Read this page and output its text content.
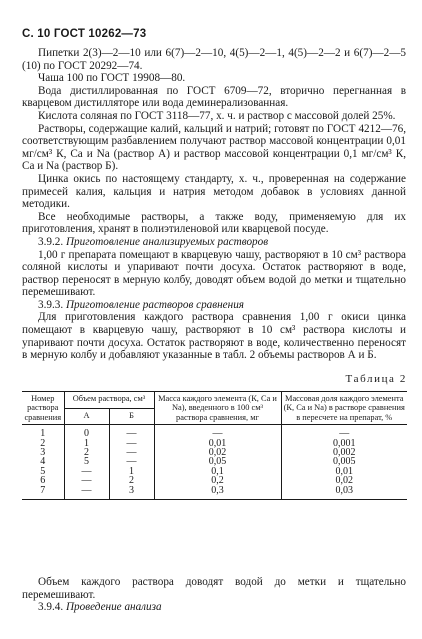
С. 10 ГОСТ 10262—73

Пипетки 2(3)—2—10 или 6(7)—2—10, 4(5)—2—1, 4(5)—2—2 и 6(7)—2—5 (10) по ГОСТ 20292—74.

Чаша 100 по ГОСТ 19908—80.

Вода дистиллированная по ГОСТ 6709—72, вторично перегнанная в кварцевом дистилляторе или вода деминерализованная.

Кислота соляная по ГОСТ 3118—77, х. ч. и раствор с массовой долей 25%.

Растворы, содержащие калий, кальций и натрий; готовят по ГОСТ 4212—76, соответствующим разбавлением получают раствор массовой концентрации 0,01 мг/см³ К, Са и Na (раствор А) и раствор массовой концентрации 0,1 мг/см³ К, Са и Na (раствор Б).

Цинка окись по настоящему стандарту, х. ч., проверенная на содержание примесей калия, кальция и натрия методом добавок в условиях данной методики.

Все необходимые растворы, а также воду, применяемую для их приготовления, хранят в полиэтиленовой или кварцевой посуде.

3.9.2. Приготовление анализируемых растворов

1,00 г препарата помещают в кварцевую чашу, растворяют в 10 см³ раствора соляной кислоты и упаривают почти досуха. Остаток растворяют в воде, раствор переносят в мерную колбу, доводят объем водой до метки и тщательно перемешивают.

3.9.3. Приготовление растворов сравнения

Для приготовления каждого раствора сравнения 1,00 г окиси цинка помещают в кварцевую чашу, растворяют в 10 см³ раствора кислоты и упаривают почти досуха. Остаток растворяют в воде, количественно переносят в мерную колбу и добавляют указанные в табл. 2 объемы растворов А и Б.

Таблица 2
Номер раствора сравнения	Объем раствора, см³		Масса каждого элемента (К, Са и Na), введенного в 100 см³ раствора сравнения, мг	Массовая доля каждого элемента (К, Са и Na) в растворе сравнения в пересчете на препарат, %
	А	Б		
1	0	—	—	—
2	1	—	0,01	0,001
3	2	—	0,02	0,002
4	5	—	0,05	0,005
5	—	1	0,1	0,01
6	—	2	0,2	0,02
7	—	3	0,3	0,03

Объем каждого раствора доводят водой до метки и тщательно перемешивают.

3.9.4. Проведение анализа
